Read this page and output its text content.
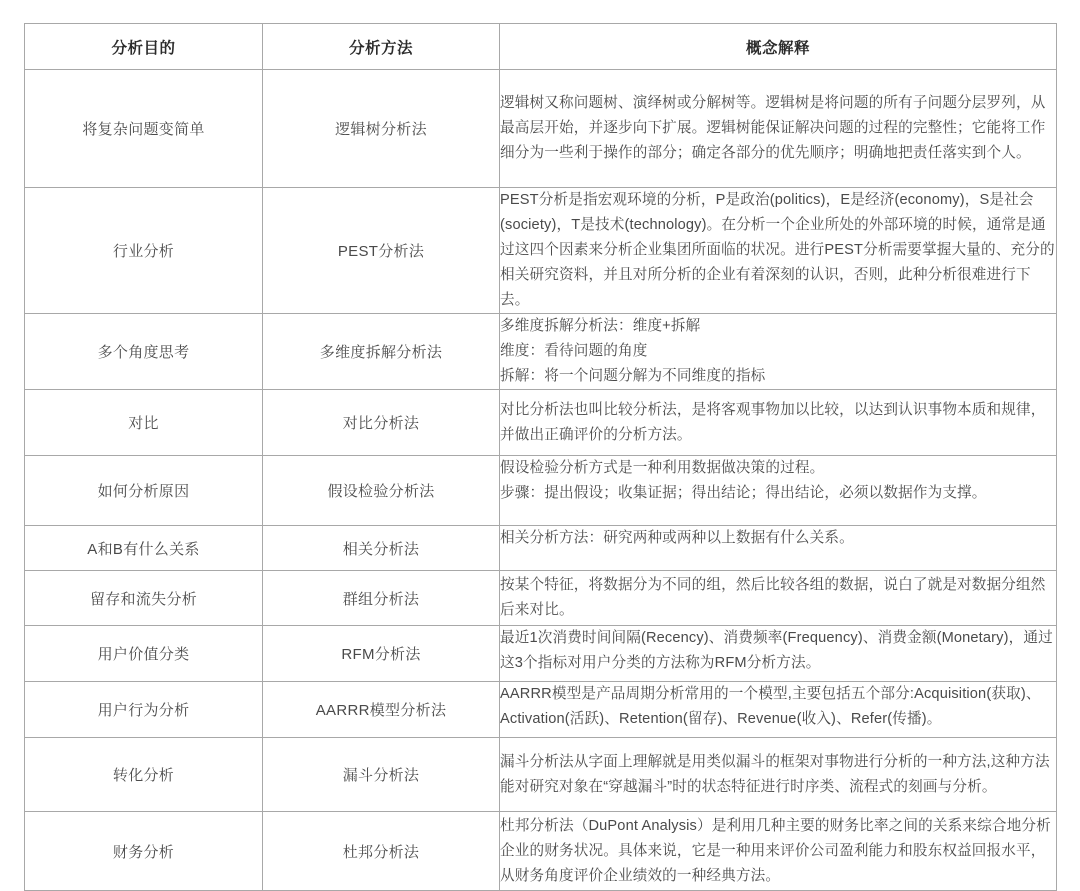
分析目的	分析方法	概念解释
将复杂问题变简单	逻辑树分析法	逻辑树又称问题树、演绎树或分解树等。逻辑树是将问题的所有子问题分层罗列，从最高层开始，并逐步向下扩展。逻辑树能保证解决问题的过程的完整性；它能将工作细分为一些利于操作的部分；确定各部分的优先顺序；明确地把责任落实到个人。
行业分析	PEST分析法	PEST分析是指宏观环境的分析，P是政治(politics)，E是经济(economy)，S是社会(society)，T是技术(technology)。在分析一个企业所处的外部环境的时候，通常是通过这四个因素来分析企业集团所面临的状况。进行PEST分析需要掌握大量的、充分的相关研究资料，并且对所分析的企业有着深刻的认识，否则，此种分析很难进行下去。
多个角度思考	多维度拆解分析法	多维度拆解分析法：维度+拆解
维度：看待问题的角度
拆解：将一个问题分解为不同维度的指标
对比	对比分析法	对比分析法也叫比较分析法，是将客观事物加以比较，以达到认识事物本质和规律，并做出正确评价的分析方法。
如何分析原因	假设检验分析法	假设检验分析方式是一种利用数据做决策的过程。
步骤：提出假设；收集证据；得出结论；得出结论，必须以数据作为支撑。
A和B有什么关系	相关分析法	相关分析方法：研究两种或两种以上数据有什么关系。
留存和流失分析	群组分析法	按某个特征，将数据分为不同的组，然后比较各组的数据，说白了就是对数据分组然后来对比。
用户价值分类	RFM分析法	最近1次消费时间间隔(Recency)、消费频率(Frequency)、消费金额(Monetary)，通过这3个指标对用户分类的方法称为RFM分析方法。
用户行为分析	AARRR模型分析法	AARRR模型是产品周期分析常用的一个模型,主要包括五个部分:Acquisition(获取)、Activation(活跃)、Retention(留存)、Revenue(收入)、Refer(传播)。
转化分析	漏斗分析法	漏斗分析法从字面上理解就是用类似漏斗的框架对事物进行分析的一种方法,这种方法能对研究对象在“穿越漏斗”时的状态特征进行时序类、流程式的刻画与分析。
财务分析	杜邦分析法	杜邦分析法（DuPont Analysis）是利用几种主要的财务比率之间的关系来综合地分析企业的财务状况。具体来说，它是一种用来评价公司盈利能力和股东权益回报水平，从财务角度评价企业绩效的一种经典方法。
